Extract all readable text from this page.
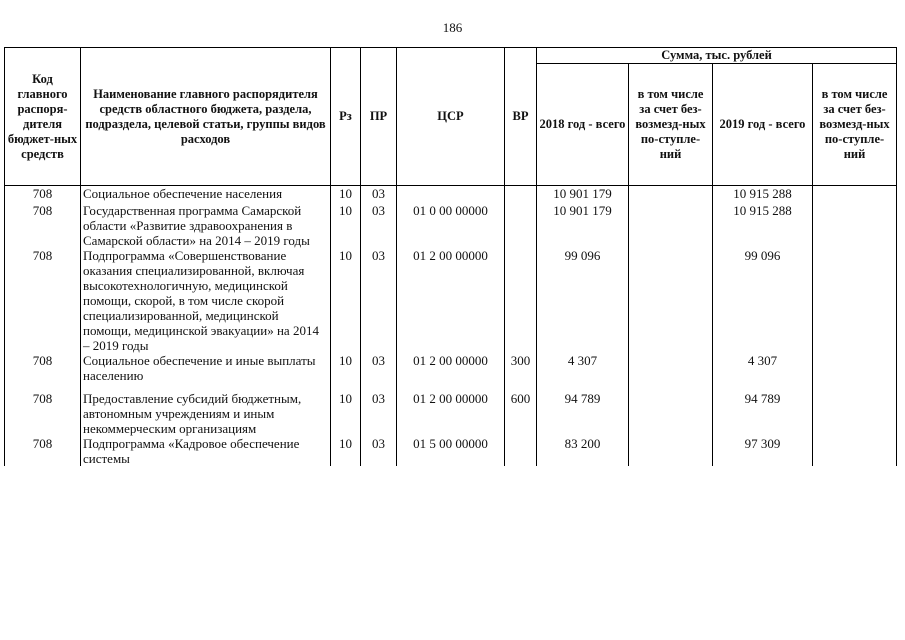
186
Код главного распоря-дителя бюджет-ных средств	Наименование главного распорядителя средств областного бюджета, раздела, подраздела, целевой статьи, группы видов расходов	Рз	ПР	ЦСР	ВР	Сумма, тыс. рублей			
						2018 год - всего	в том числе за счет без-возмезд-ных по-ступле-ний	2019 год - всего	в том числе за счет без-возмезд-ных по-ступле-ний
708	Социальное обеспечение населения	10	03			10 901 179		10 915 288	
708	Государственная программа Самарской области «Развитие здравоохранения в Самарской области» на 2014 – 2019 годы	10	03	01 0 00 00000		10 901 179		10 915 288	
708	Подпрограмма «Совершенствование оказания специализированной, включая высокотехнологичную, медицинской помощи, скорой, в том числе скорой специализированной, медицинской помощи, медицинской эвакуации» на 2014 – 2019 годы	10	03	01 2 00 00000		99 096		99 096	
708	Социальное обеспечение и иные выплаты населению	10	03	01 2 00 00000	300	4 307		4 307	
708	Предоставление субсидий бюджетным, автономным учреждениям и иным некоммерческим организациям	10	03	01 2 00 00000	600	94 789		94 789	
708	Подпрограмма «Кадровое обеспечение системы	10	03	01 5 00 00000		83 200		97 309	
